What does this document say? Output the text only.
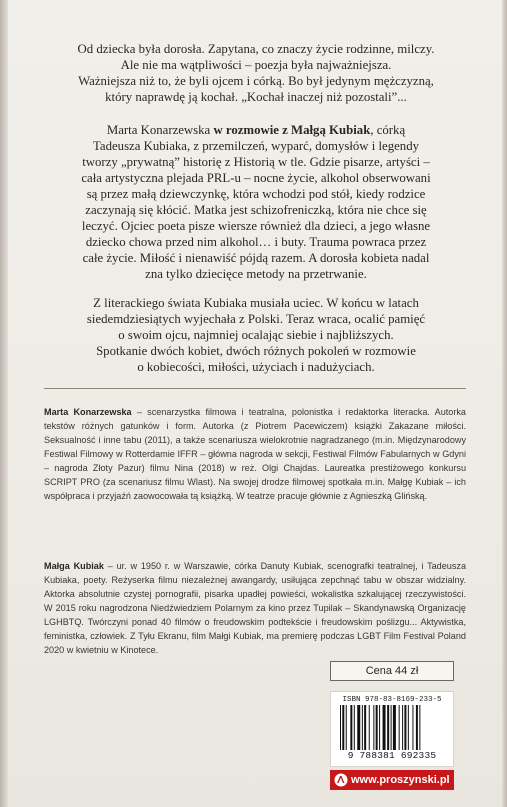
Od dziecka była dorosła. Zapytana, co znaczy życie rodzinne, milczy.
Ale nie ma wątpliwości – poezja była najważniejsza.
Ważniejsza niż to, że byli ojcem i córką. Bo był jedynym mężczyzną,
który naprawdę ją kochał. „Kochał inaczej niż pozostali”...
Marta Konarzewska w rozmowie z Małgą Kubiak, córką
Tadeusza Kubiaka, z przemilczeń, wyparć, domysłów i legendy
tworzy „prywatną” historię z Historią w tle. Gdzie pisarze, artyści –
cała artystyczna plejada PRL-u – nocne życie, alkohol obserwowani
są przez małą dziewczynkę, która wchodzi pod stół, kiedy rodzice
zaczynają się kłócić. Matka jest schizofreniczką, która nie chce się
leczyć. Ojciec poeta pisze wiersze również dla dzieci, a jego własne
dziecko chowa przed nim alkohol… i buty. Trauma powraca przez
całe życie. Miłość i nienawiść pójdą razem. A dorosła kobieta nadal
zna tylko dziecięce metody na przetrwanie.
Z literackiego świata Kubiaka musiała uciec. W końcu w latach
siedemdziesiątych wyjechała z Polski. Teraz wraca, ocalić pamięć
o swoim ojcu, najmniej ocalając siebie i najbliższych.
Spotkanie dwóch kobiet, dwóch różnych pokoleń w rozmowie
o kobiecości, miłości, użyciach i nadużyciach.

Marta Konarzewska – scenarzystka filmowa i teatralna, polonistka i redaktorka literacka. Autorka tekstów różnych gatunków i form. Autorka (z Piotrem Pacewiczem) książki Zakazane miłości. Seksualność i inne tabu (2011), a także scenariusza wielokrotnie nagradzanego (m.in. Międzynarodowy Festiwal Filmowy w Rotterdamie IFFR – główna nagroda w sekcji, Festiwal Filmów Fabularnych w Gdyni – nagroda Złoty Pazur) filmu Nina (2018) w reż. Olgi Chajdas. Laureatka prestiżowego konkursu SCRIPT PRO (za scenariusz filmu Wlast). Na swojej drodze filmowej spotkała m.in. Małgę Kubiak – ich współpraca i przyjaźń zaowocowała tą książką. W teatrze pracuje głównie z Agnieszką Glińską.

Małga Kubiak – ur. w 1950 r. w Warszawie, córka Danuty Kubiak, scenografki teatralnej, i Tadeusza Kubiaka, poety. Reżyserka filmu niezależnej awangardy, usiłująca zepchnąć tabu w obszar widzialny. Aktorka absolutnie czystej pornografii, pisarka upadłej powieści, wokalistka szkalującej rzeczywistości. W 2015 roku nagrodzona Niedźwiedziem Polarnym za kino przez Tupilak – Skandynawską Organizację LGHBTQ. Twórczyni ponad 40 filmów o freudowskim podtekście i freudowskim poślizgu... Aktywistka, feministka, człowiek. Z Tyłu Ekranu, film Małgi Kubiak, ma premierę podczas LGBT Film Festival Poland 2020 w kwietniu w Kinotece.

Cena 44 zł
ISBN 978-83-8169-233-5
9 788381 692335
www.proszynski.pl
